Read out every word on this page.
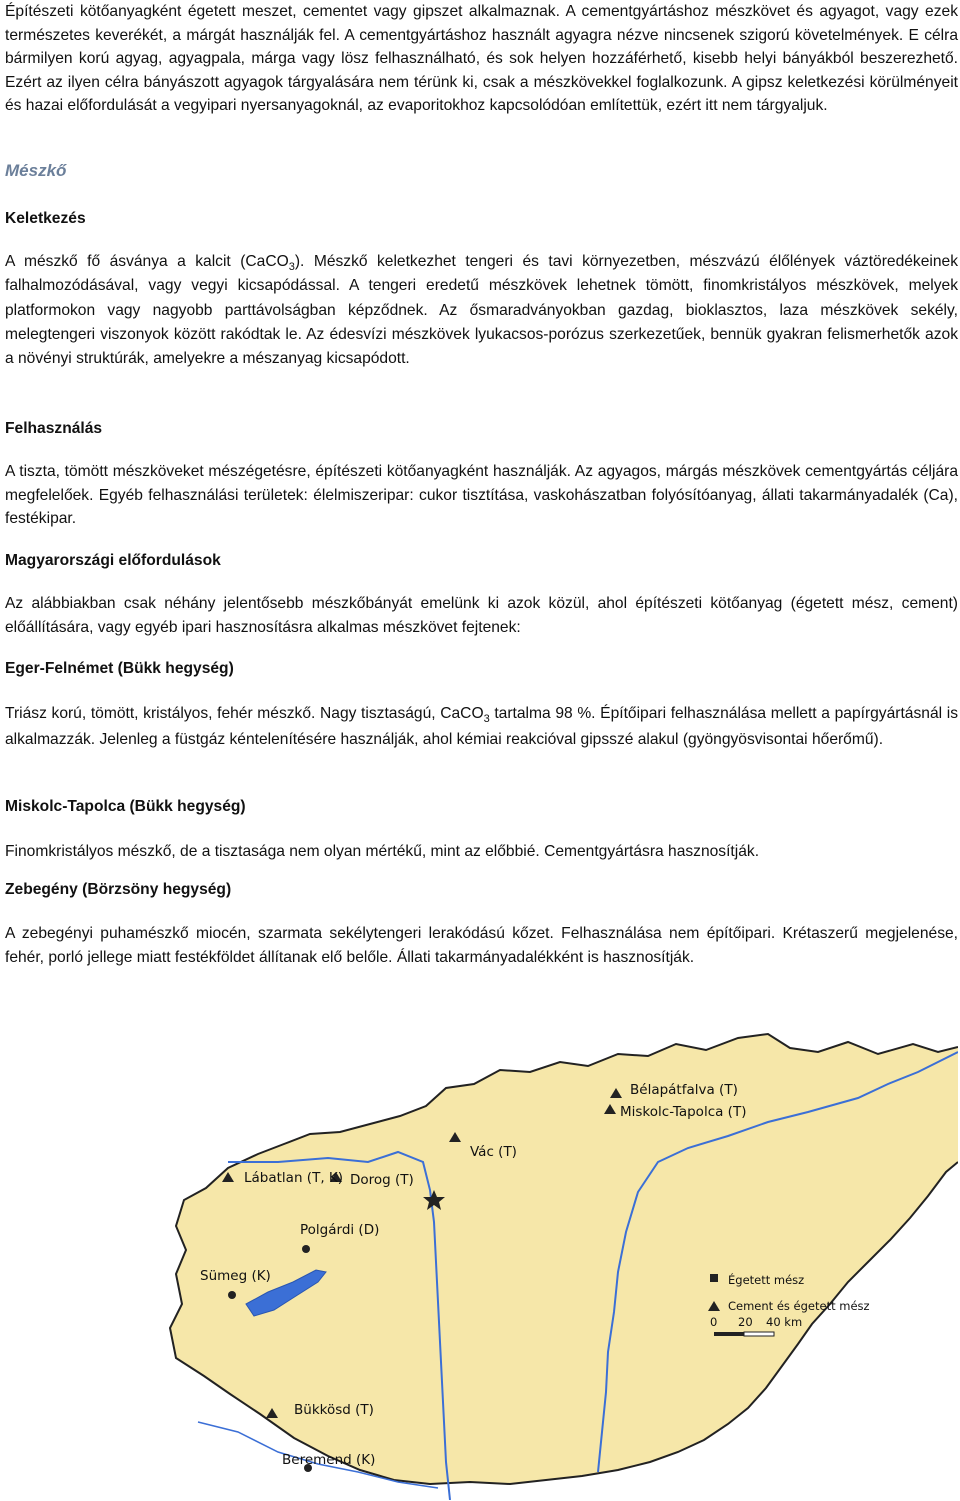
Építészeti kötőanyagként égetett meszet, cementet vagy gipszet alkalmaznak. A cementgyártáshoz mészkövet és agyagot, vagy ezek természetes keverékét, a márgát használják fel. A cementgyártáshoz használt agyagra nézve nincsenek szigorú követelmények. E célra bármilyen korú agyag, agyagpala, márga vagy lösz felhasználható, és sok helyen hozzáférhető, kisebb helyi bányákból beszerezhető. Ezért az ilyen célra bányászott agyagok tárgyalására nem térünk ki, csak a mészkövekkel foglalkozunk. A gipsz keletkezési körülményeit és hazai előfordulását a vegyipari nyersanyagoknál, az evaporitokhoz kapcsolódóan említettük, ezért itt nem tárgyaljuk.

Mészkő
Keletkezés

A mészkő fő ásványa a kalcit (CaCO$_3$). Mészkő keletkezhet tengeri és tavi környezetben, mészvázú élőlények váztöredékeinek falhalmozódásával, vagy vegyi kicsapódással. A tengeri eredetű mészkövek lehetnek tömött, finomkristályos mészkövek, melyek platformokon vagy nagyobb parttávolságban képződnek. Az ősmaradványokban gazdag, bioklasztos, laza mészkövek sekély, melegtengeri viszonyok között rakódtak le. Az édesvízi mészkövek lyukacsos-porózus szerkezetűek, bennük gyakran felismerhetők azok a növényi struktúrák, amelyekre a mészanyag kicsapódott.

Felhasználás

A tiszta, tömött mészköveket mészégetésre, építészeti kötőanyagként használják. Az agyagos, márgás mészkövek cementgyártás céljára megfelelőek. Egyéb felhasználási területek: élelmiszeripar: cukor tisztítása, vaskohászatban folyósítóanyag, állati takarmányadalék (Ca), festékipar.

Magyarországi előfordulások

Az alábbiakban csak néhány jelentősebb mészkőbányát emelünk ki azok közül, ahol építészeti kötőanyag (égetett mész, cement) előállítására, vagy egyéb ipari hasznosításra alkalmas mészkövet fejtenek:

Eger-Felnémet (Bükk hegység)

Triász korú, tömött, kristályos, fehér mészkő. Nagy tisztaságú, CaCO$_3$ tartalma 98 %. Építőipari felhasználása mellett a papírgyártásnál is alkalmazzák. Jelenleg a füstgáz kéntelenítésére használják, ahol kémiai reakcióval gipsszé alakul (gyöngyösvisontai hőerőmű).

Miskolc-Tapolca (Bükk hegység)

Finomkristályos mészkő, de a tisztasága nem olyan mértékű, mint az előbbié. Cementgyártásra hasznosítják.

Zebegény (Börzsöny hegység)

A zebegényi puhamészkő miocén, szarmata sekélytengeri lerakódású kőzet. Felhasználása nem építőipari. Krétaszerű megjelenése, fehér, porló jellege miatt festékföldet állítanak elő belőle. Állati takarmányadalékként is hasznosítják.

Bélapátfalva (T)
Miskolc-Tapolca (T)
Vác (T)
Lábatlan (T, K) Dorog (T)
Polgárdi (D)
Sümeg (K)
Bükkösd (T)
Beremend (K)
Égetett mész
Cement és égetett mész
0 20 40 km
